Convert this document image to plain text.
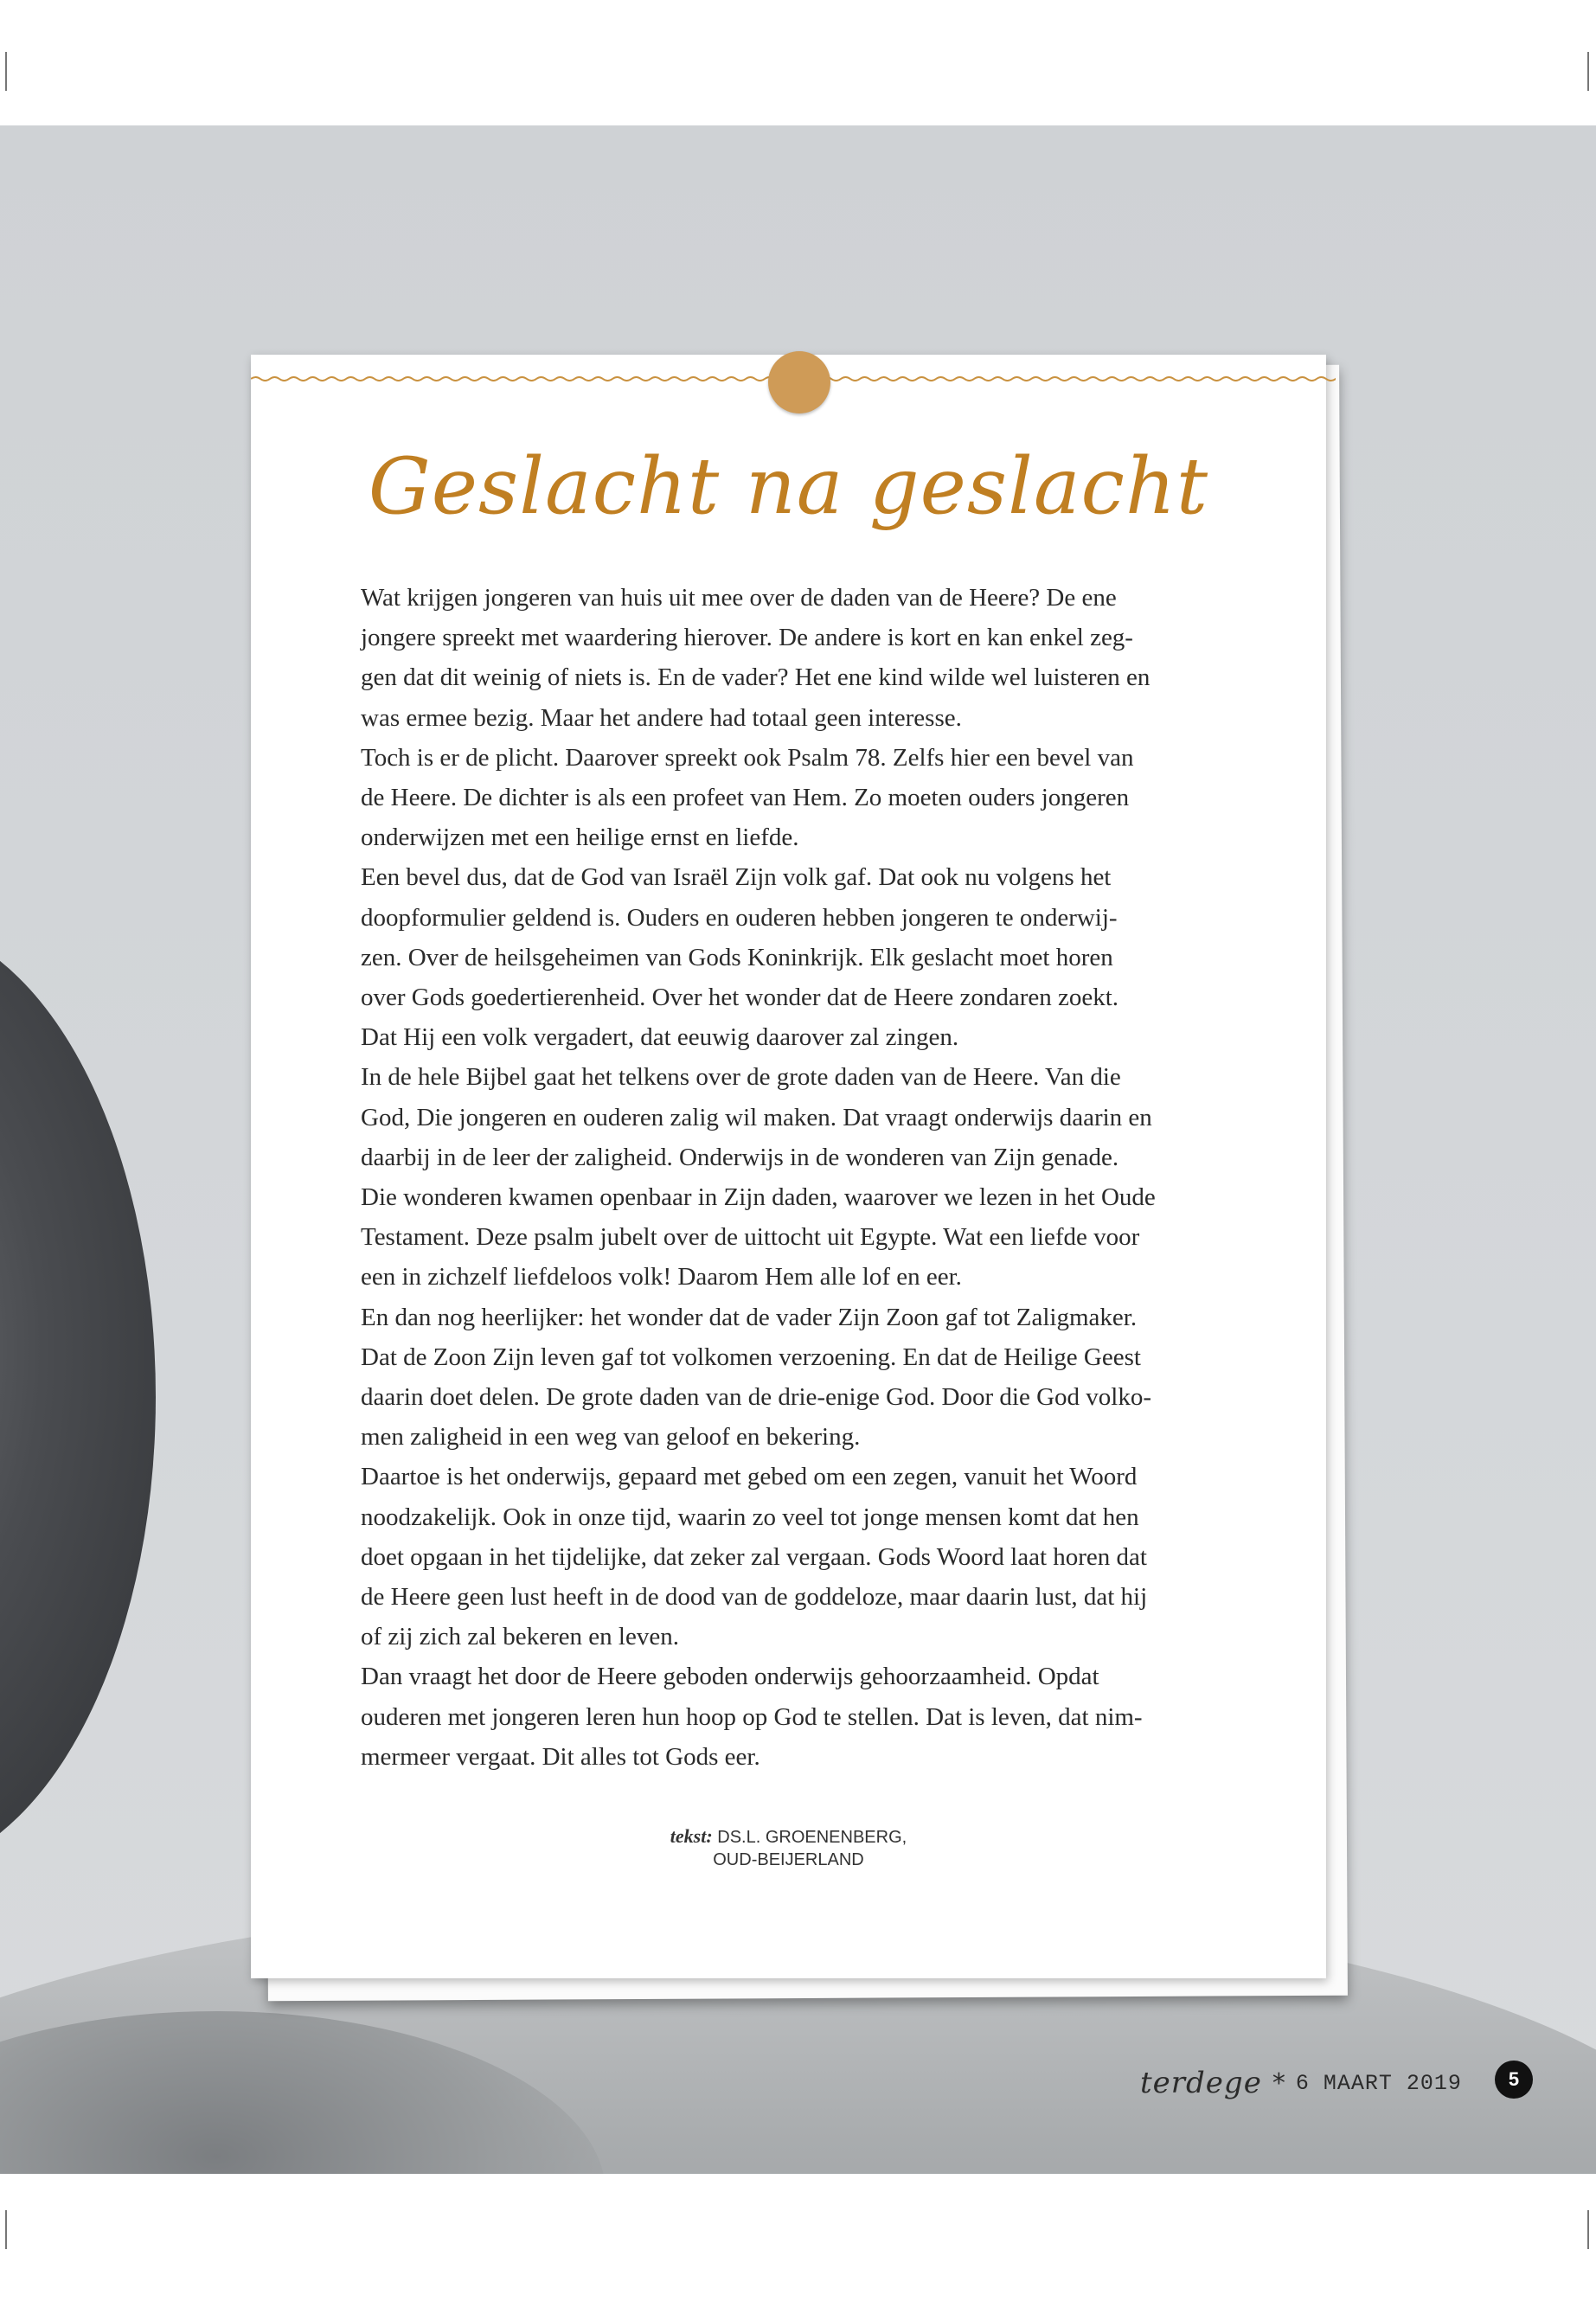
Geslacht na geslacht

Wat krijgen jongeren van huis uit mee over de daden van de Heere? De ene

jongere spreekt met waardering hierover. De andere is kort en kan enkel zeg-

gen dat dit weinig of niets is. En de vader? Het ene kind wilde wel luisteren en

was ermee bezig. Maar het andere had totaal geen interesse.

Toch is er de plicht. Daarover spreekt ook Psalm 78. Zelfs hier een bevel van

de Heere. De dichter is als een profeet van Hem. Zo moeten ouders jongeren

onderwijzen met een heilige ernst en liefde.

Een bevel dus, dat de God van Israël Zijn volk gaf. Dat ook nu volgens het

doopformulier geldend is. Ouders en ouderen hebben jongeren te onderwij-

zen. Over de heilsgeheimen van Gods Koninkrijk. Elk geslacht moet horen

over Gods goedertierenheid. Over het wonder dat de Heere zondaren zoekt.

Dat Hij een volk vergadert, dat eeuwig daarover zal zingen.

In de hele Bijbel gaat het telkens over de grote daden van de Heere. Van die

God, Die jongeren en ouderen zalig wil maken. Dat vraagt onderwijs daarin en

daarbij in de leer der zaligheid. Onderwijs in de wonderen van Zijn genade.

Die wonderen kwamen openbaar in Zijn daden, waarover we lezen in het Oude

Testament. Deze psalm jubelt over de uittocht uit Egypte. Wat een liefde voor

een in zichzelf liefdeloos volk! Daarom Hem alle lof en eer.

En dan nog heerlijker: het wonder dat de vader Zijn Zoon gaf tot Zaligmaker.

Dat de Zoon Zijn leven gaf tot volkomen verzoening. En dat de Heilige Geest

daarin doet delen. De grote daden van de drie-enige God. Door die God volko-

men zaligheid in een weg van geloof en bekering.

Daartoe is het onderwijs, gepaard met gebed om een zegen, vanuit het Woord

noodzakelijk. Ook in onze tijd, waarin zo veel tot jonge mensen komt dat hen

doet opgaan in het tijdelijke, dat zeker zal vergaan. Gods Woord laat horen dat

de Heere geen lust heeft in de dood van de goddeloze, maar daarin lust, dat hij

of zij zich zal bekeren en leven.

Dan vraagt het door de Heere geboden onderwijs gehoorzaamheid. Opdat

ouderen met jongeren leren hun hoop op God te stellen. Dat is leven, dat nim-

mermeer vergaat. Dit alles tot Gods eer.

tekst: DS.L. GROENENBERG,
OUD-BEIJERLAND
terdege * 6 MAART 2019	5
